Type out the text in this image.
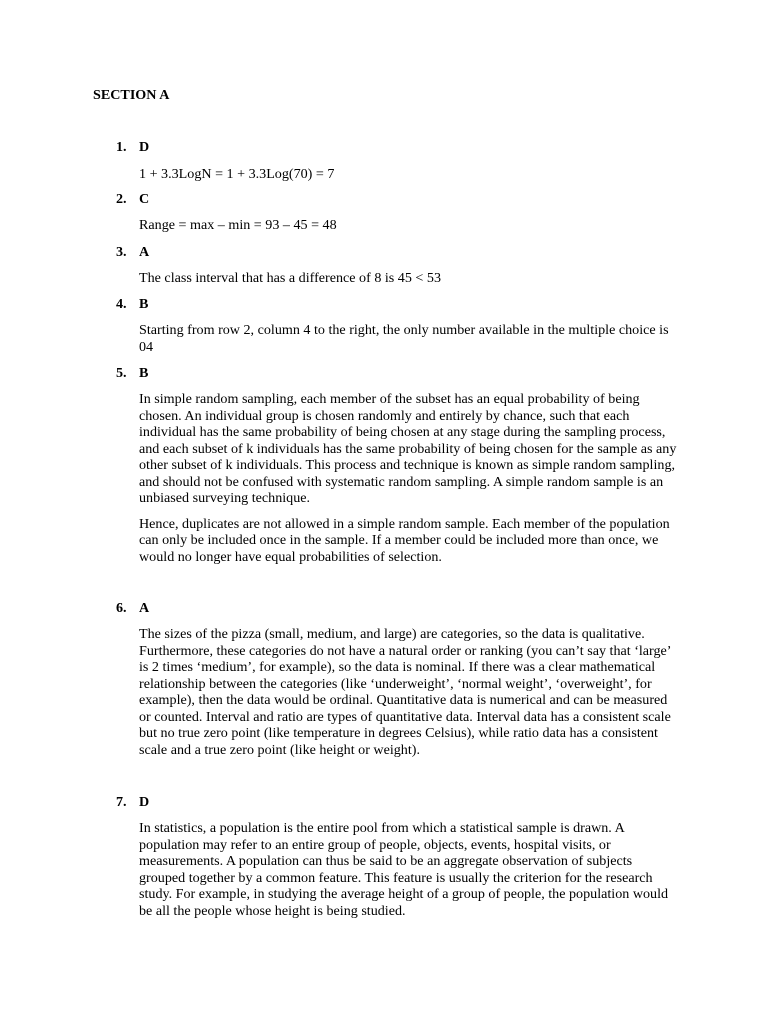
SECTION A
1. D

1 + 3.3LogN = 1 + 3.3Log(70) = 7

2. C

Range = max – min = 93 – 45 = 48

3. A

The class interval that has a difference of 8 is 45 < 53

4. B

Starting from row 2, column 4 to the right, the only number available in the multiple choice is 04

5. B

In simple random sampling, each member of the subset has an equal probability of being chosen. An individual group is chosen randomly and entirely by chance, such that each individual has the same probability of being chosen at any stage during the sampling process, and each subset of k individuals has the same probability of being chosen for the sample as any other subset of k individuals. This process and technique is known as simple random sampling, and should not be confused with systematic random sampling. A simple random sample is an unbiased surveying technique.

Hence, duplicates are not allowed in a simple random sample. Each member of the population can only be included once in the sample. If a member could be included more than once, we would no longer have equal probabilities of selection.

6. A

The sizes of the pizza (small, medium, and large) are categories, so the data is qualitative. Furthermore, these categories do not have a natural order or ranking (you can’t say that ‘large’ is 2 times ‘medium’, for example), so the data is nominal. If there was a clear mathematical relationship between the categories (like ‘underweight’, ‘normal weight’, ‘overweight’, for example), then the data would be ordinal. Quantitative data is numerical and can be measured or counted. Interval and ratio are types of quantitative data. Interval data has a consistent scale but no true zero point (like temperature in degrees Celsius), while ratio data has a consistent scale and a true zero point (like height or weight).

7. D

In statistics, a population is the entire pool from which a statistical sample is drawn. A population may refer to an entire group of people, objects, events, hospital visits, or measurements. A population can thus be said to be an aggregate observation of subjects grouped together by a common feature. This feature is usually the criterion for the research study. For example, in studying the average height of a group of people, the population would be all the people whose height is being studied.
